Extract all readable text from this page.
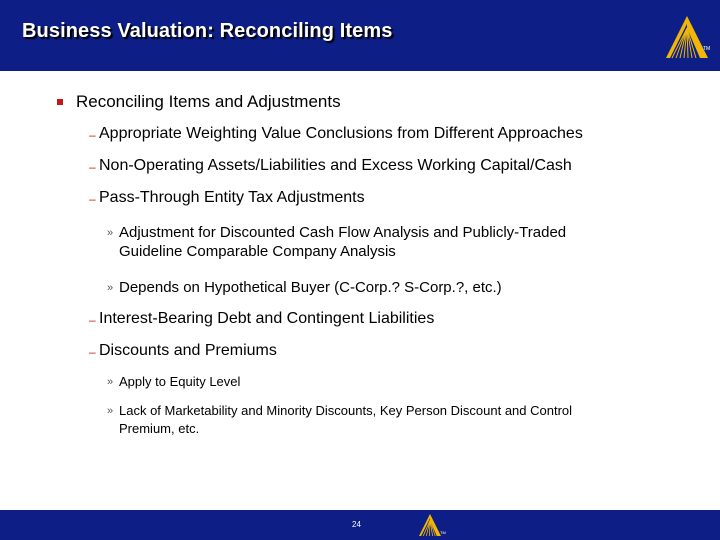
Business Valuation: Reconciling Items
TM
Reconciling Items and Adjustments
– Appropriate Weighting Value Conclusions from Different Approaches
– Non-Operating Assets/Liabilities and Excess Working Capital/Cash
– Pass-Through Entity Tax Adjustments
» Adjustment for Discounted Cash Flow Analysis and Publicly-Traded
Guideline Comparable Company Analysis
» Depends on Hypothetical Buyer (C-Corp.? S-Corp.?, etc.)
– Interest-Bearing Debt and Contingent Liabilities
– Discounts and Premiums
» Apply to Equity Level
» Lack of Marketability and Minority Discounts, Key Person Discount and Control
Premium, etc.
24
TM
